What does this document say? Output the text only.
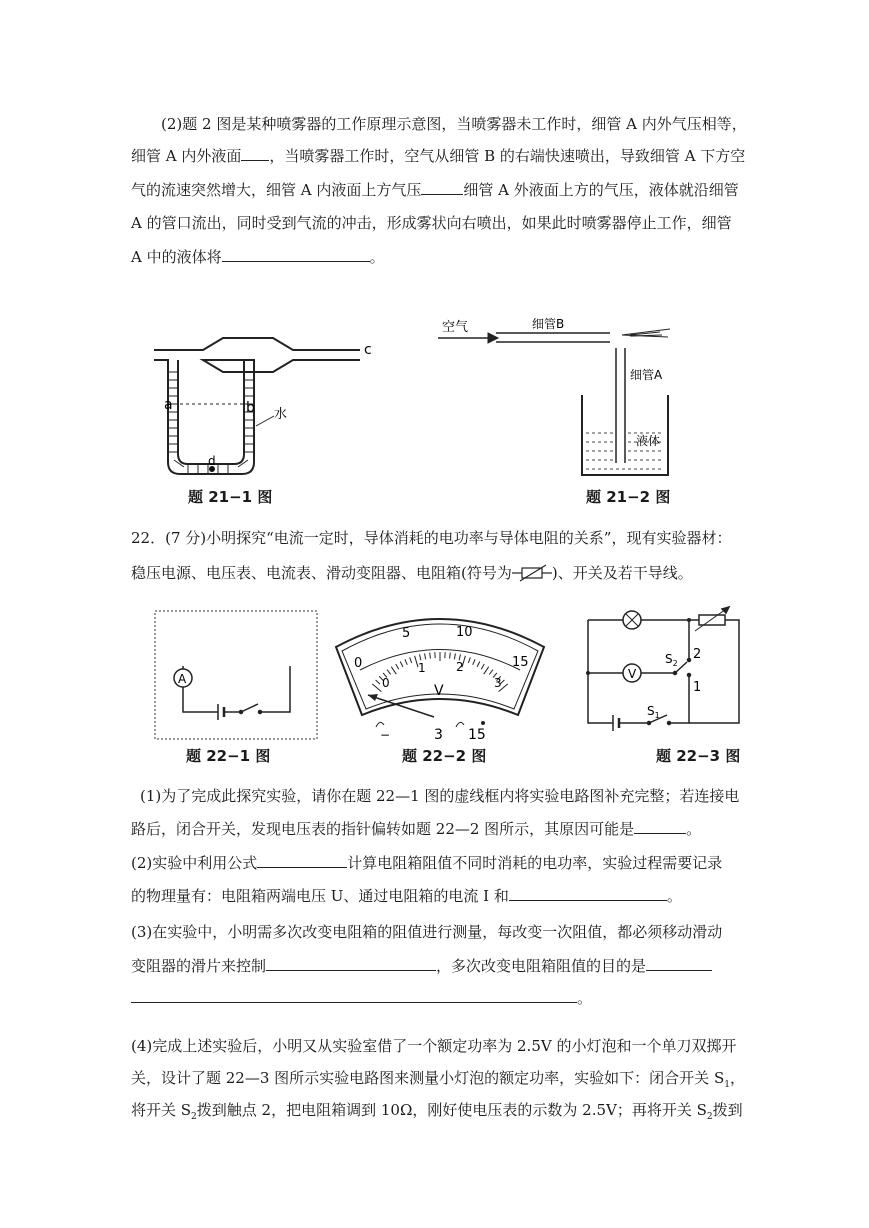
(2)题 2 图是某种喷雾器的工作原理示意图，当喷雾器未工作时，细管 A 内外气压相等，
细管 A 内外液面 ，当喷雾器工作时，空气从细管 B 的右端快速喷出，导致细管 A 下方空
气的流速突然增大，细管 A 内液面上方气压	细管 A 外液面上方的气压，液体就沿细管
A 的管口流出，同时受到气流的冲击，形成雾状向右喷出，如果此时喷雾器停止工作，细管
A 中的液体将	。
a	b
c
d
水
题 21−1 图
空气	细管B
细管A
液体
题 21−2 图
22．(7 分)小明探究“电流一定时，导体消耗的电功率与导体电阻的关系”，现有实验器材：
稳压电源、电压表、电流表、滑动变阻器、电阻箱(符号为	)、开关及若干导线。
A
题 22−1 图
0
5	10
15
0
1	2
3
V
−	3 15
题 22−2 图
V
$S_2$
2
1
$S_1$
题 22−3 图
(1)为了完成此探究实验，请你在题 22—1 图的虚线框内将实验电路图补充完整；若连接电
路后，闭合开关，发现电压表的指针偏转如题 22—2 图所示，其原因可能是	。
(2)实验中利用公式	计算电阻箱阻值不同时消耗的电功率，实验过程需要记录
的物理量有：电阻箱两端电压 U、通过电阻箱的电流 I 和	。
(3)在实验中，小明需多次改变电阻箱的阻值进行测量，每改变一次阻值，都必须移动滑动
变阻器的滑片来控制	，多次改变电阻箱阻值的目的是
。
(4)完成上述实验后，小明又从实验室借了一个额定功率为 2.5V 的小灯泡和一个单刀双掷开
关，设计了题 22—3 图所示实验电路图来测量小灯泡的额定功率，实验如下：闭合开关 $S_1$，
将开关 $S_2$拨到触点 2，把电阻箱调到 10Ω，刚好使电压表的示数为 2.5V；再将开关 $S_2$拨到
